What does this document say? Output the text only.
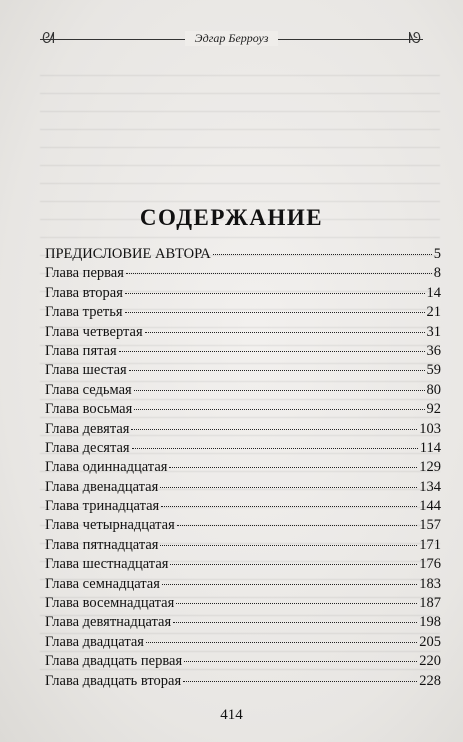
ᘛ	Эдгар Берроуз	ᘚ
СОДЕРЖАНИЕ
ПРЕДИСЛОВИЕ АВТОРА	5
Глава первая	8
Глава вторая	14
Глава третья	21
Глава четвертая	31
Глава пятая	36
Глава шестая	59
Глава седьмая	80
Глава восьмая	92
Глава девятая	103
Глава десятая	114
Глава одиннадцатая	129
Глава двенадцатая	134
Глава тринадцатая	144
Глава четырнадцатая	157
Глава пятнадцатая	171
Глава шестнадцатая	176
Глава семнадцатая	183
Глава восемнадцатая	187
Глава девятнадцатая	198
Глава двадцатая	205
Глава двадцать первая	220
Глава двадцать вторая	228
414
